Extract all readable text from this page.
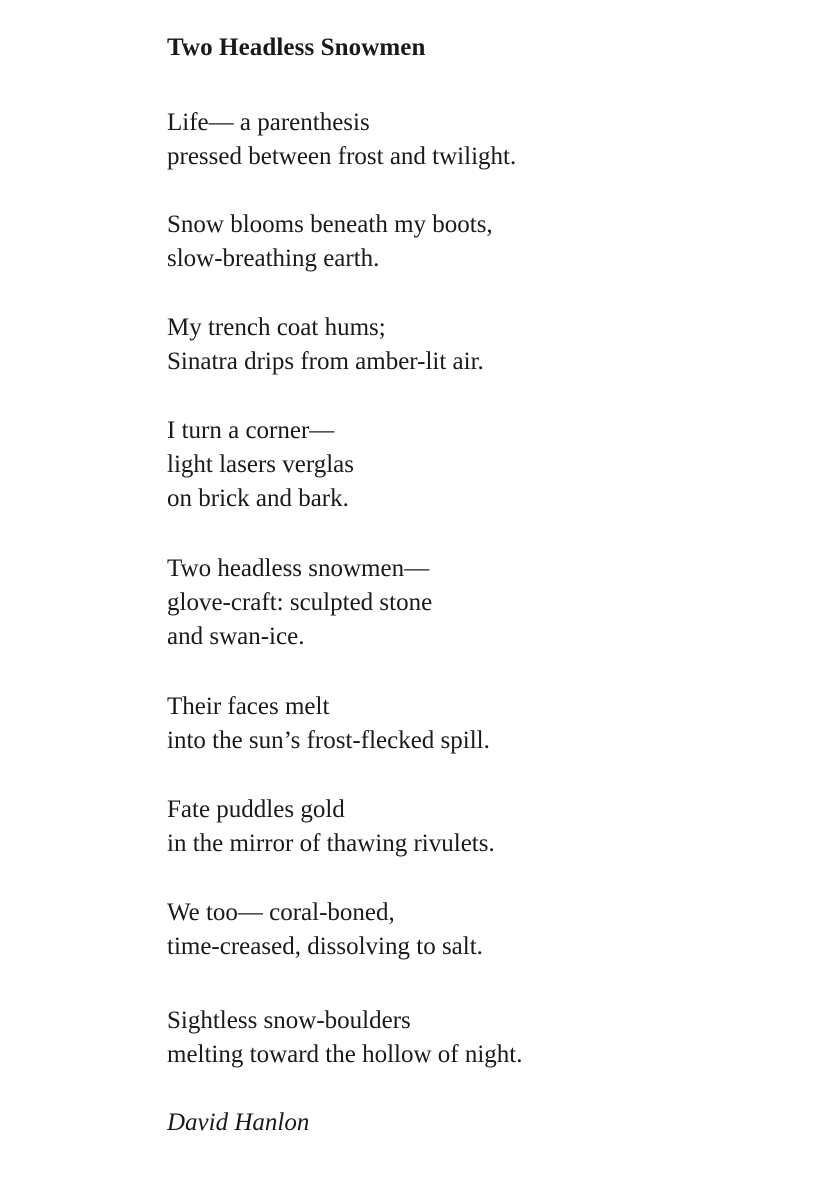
Two Headless Snowmen
Life— a parenthesis
pressed between frost and twilight.
Snow blooms beneath my boots,
slow-breathing earth.
My trench coat hums;
Sinatra drips from amber-lit air.
I turn a corner—
light lasers verglas
on brick and bark.
Two headless snowmen—
glove-craft: sculpted stone
and swan-ice.
Their faces melt
into the sun’s frost-flecked spill.
Fate puddles gold
in the mirror of thawing rivulets.
We too— coral-boned,
time-creased, dissolving to salt.
Sightless snow-boulders
melting toward the hollow of night.
David Hanlon
